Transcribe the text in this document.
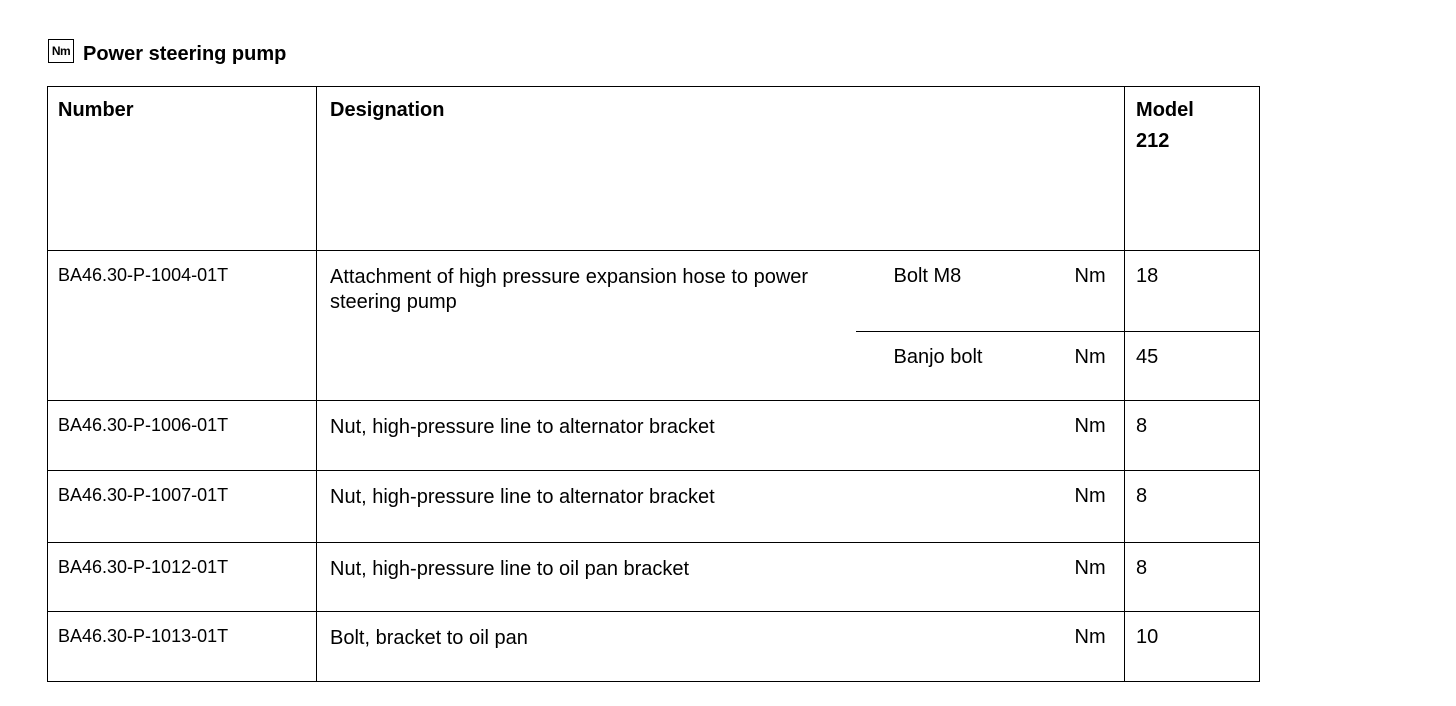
Nm Power steering pump
Number	Designation			Model
212

BA46.30-P-1004-01T	Attachment of high pressure expansion hose to power steering pump	Bolt M8	Nm	18

		Banjo bolt	Nm	45

BA46.30-P-1006-01T	Nut, high-pressure line to alternator bracket		Nm	8

BA46.30-P-1007-01T	Nut, high-pressure line to alternator bracket		Nm	8

BA46.30-P-1012-01T	Nut, high-pressure line to oil pan bracket		Nm	8

BA46.30-P-1013-01T	Bolt, bracket to oil pan		Nm	10
